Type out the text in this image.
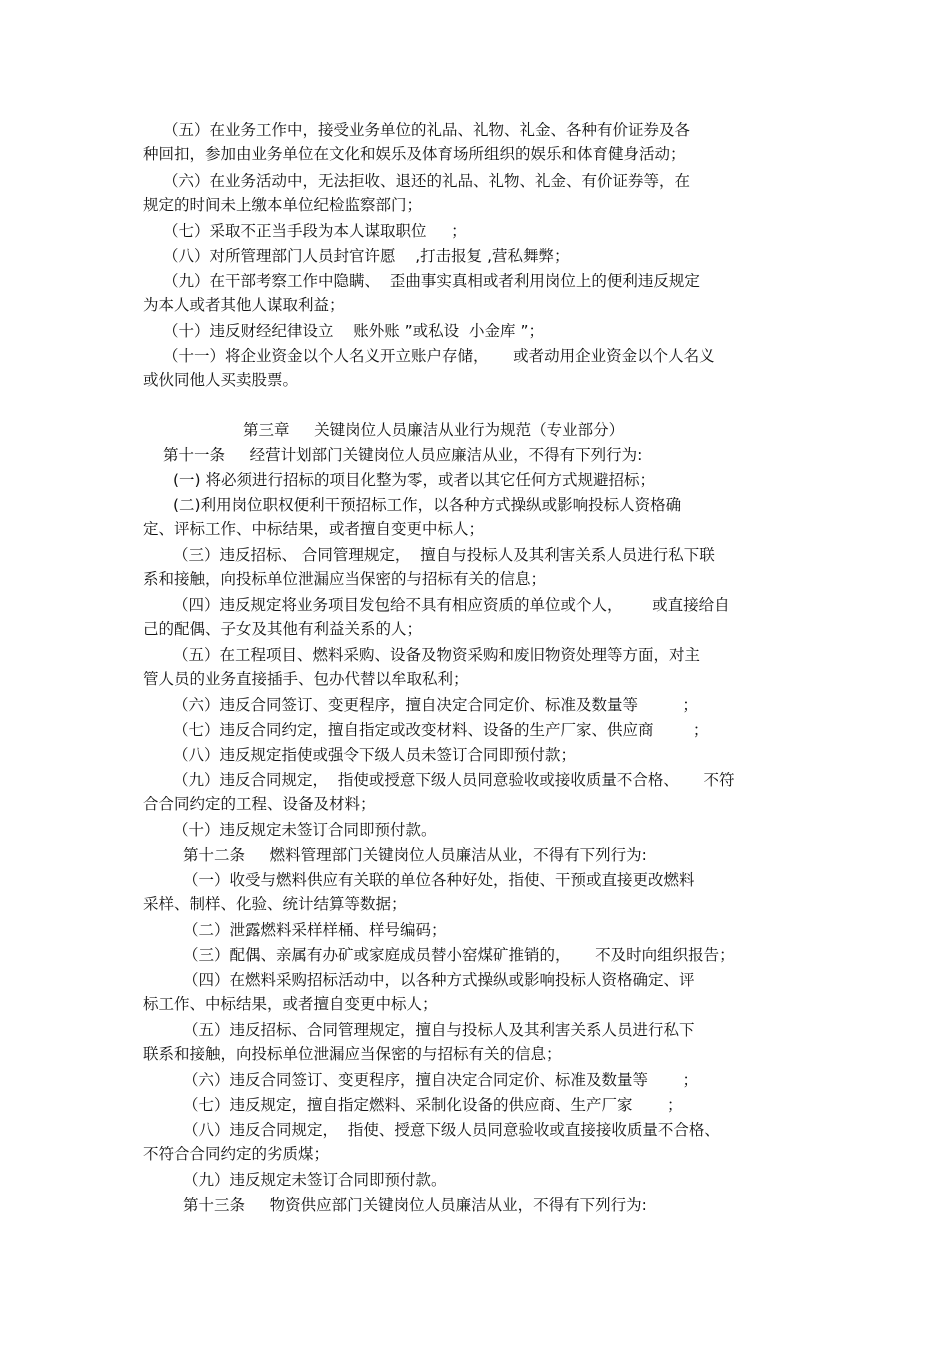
（五）在业务工作中，接受业务单位的礼品、礼物、礼金、各种有价证券及各
种回扣，参加由业务单位在文化和娱乐及体育场所组织的娱乐和体育健身活动；
（六）在业务活动中，无法拒收、退还的礼品、礼物、礼金、有价证券等，在
规定的时间未上缴本单位纪检监察部门；
（七）采取不正当手段为本人谋取职位     ；
（八）对所管理部门人员封官许愿    ,打击报复 ,营私舞弊；
（九）在干部考察工作中隐瞒、  歪曲事实真相或者利用岗位上的便利违反规定
为本人或者其他人谋取利益；
（十）违反财经纪律设立    账外账 ”或私设  小金库 ”；
（十一）将企业资金以个人名义开立账户存储，     或者动用企业资金以个人名义
或伙同他人买卖股票。
第三章     关键岗位人员廉洁从业行为规范（专业部分）
第十一条     经营计划部门关键岗位人员应廉洁从业，不得有下列行为:
(一) 将必须进行招标的项目化整为零，或者以其它任何方式规避招标；
(二)利用岗位职权便利干预招标工作，以各种方式操纵或影响投标人资格确
定、评标工作、中标结果，或者擅自变更中标人；
（三）违反招标、 合同管理规定，  擅自与投标人及其利害关系人员进行私下联
系和接触，向投标单位泄漏应当保密的与招标有关的信息；
（四）违反规定将业务项目发包给不具有相应资质的单位或个人，      或直接给自
己的配偶、子女及其他有利益关系的人；
（五）在工程项目、燃料采购、设备及物资采购和废旧物资处理等方面，对主
管人员的业务直接插手、包办代替以牟取私利；
（六）违反合同签订、变更程序，擅自决定合同定价、标准及数量等         ；
（七）违反合同约定，擅自指定或改变材料、设备的生产厂家、供应商        ；
（八）违反规定指使或强令下级人员未签订合同即预付款；
（九）违反合同规定，  指使或授意下级人员同意验收或接收质量不合格、     不符
合合同约定的工程、设备及材料；
（十）违反规定未签订合同即预付款。
第十二条     燃料管理部门关键岗位人员廉洁从业，不得有下列行为:
（一）收受与燃料供应有关联的单位各种好处，指使、干预或直接更改燃料
采样、制样、化验、统计结算等数据；
（二）泄露燃料采样样桶、样号编码；
（三）配偶、亲属有办矿或家庭成员替小窑煤矿推销的，     不及时向组织报告；
（四）在燃料采购招标活动中，以各种方式操纵或影响投标人资格确定、评
标工作、中标结果，或者擅自变更中标人；
（五）违反招标、合同管理规定，擅自与投标人及其利害关系人员进行私下
联系和接触，向投标单位泄漏应当保密的与招标有关的信息；
（六）违反合同签订、变更程序，擅自决定合同定价、标准及数量等       ；
（七）违反规定，擅自指定燃料、采制化设备的供应商、生产厂家       ；
（八）违反合同规定，  指使、授意下级人员同意验收或直接接收质量不合格、
不符合合同约定的劣质煤；
（九）违反规定未签订合同即预付款。
第十三条     物资供应部门关键岗位人员廉洁从业，不得有下列行为:
